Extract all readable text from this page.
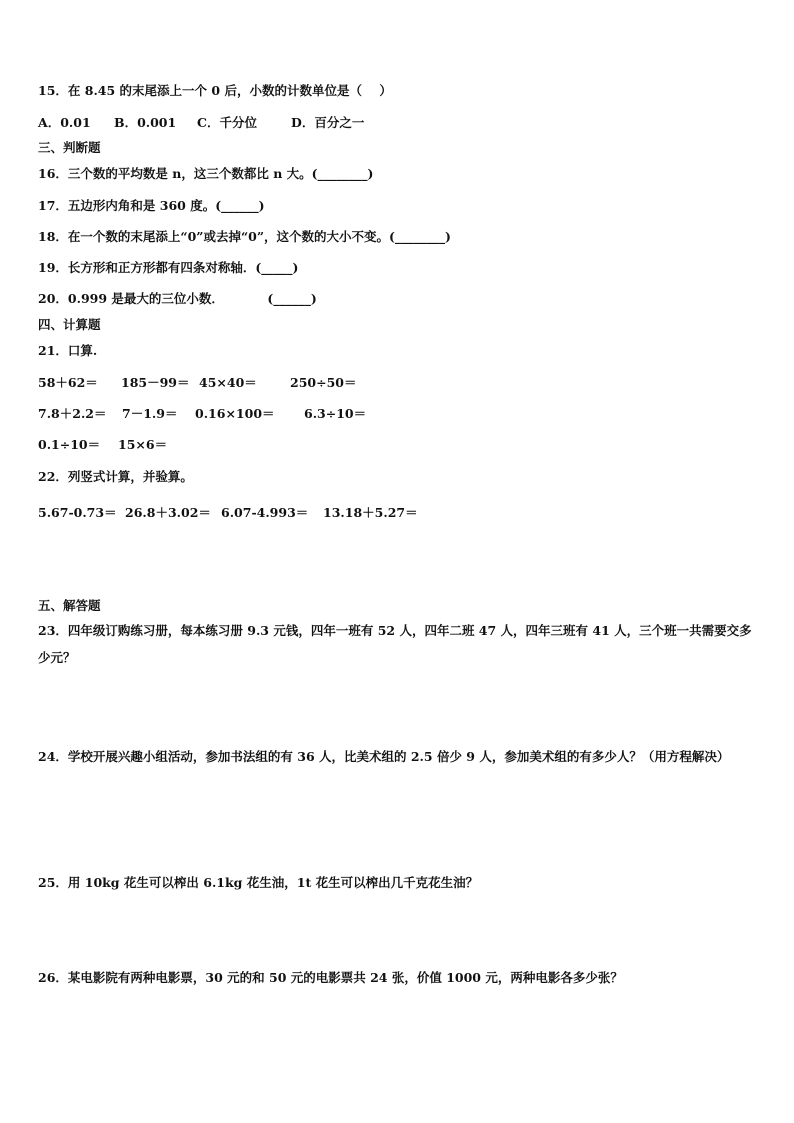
15．在 8.45 的末尾添上一个 0 后，小数的计数单位是（    ）

A．0.01

B．0.001

C．千分位

	D．百分之一

三、判断题
16．三个数的平均数是 n，这三个数都比 n 大。(________)
17．五边形内角和是 360 度。(______)
18．在一个数的末尾添上“0”或去掉“0”，这个数的大小不变。(________)
19．长方形和正方形都有四条对称轴．(_____)
20．0.999 是最大的三位小数．          (______)
四、计算题
21．口算.

58＋62＝

185－99＝

45×40＝

	250÷50＝

7.8＋2.2＝

7－1.9＝

0.16×100＝

6.3÷10＝

0.1÷10＝

15×6＝

22．列竖式计算，并验算。

5.67-0.73＝

26.8＋3.02＝

6.07-4.993＝

13.18＋5.27＝

五、解答题
23．四年级订购练习册，每本练习册 9.3 元钱，四年一班有 52 人，四年二班 47 人，四年三班有 41 人，三个班一共需要交多少元？
24．学校开展兴趣小组活动，参加书法组的有 36 人，比美术组的 2.5 倍少 9 人，参加美术组的有多少人？（用方程解决）
25．用 10kg 花生可以榨出 6.1kg 花生油，1t 花生可以榨出几千克花生油？
26．某电影院有两种电影票，30 元的和 50 元的电影票共 24 张，价值 1000 元，两种电影各多少张？
